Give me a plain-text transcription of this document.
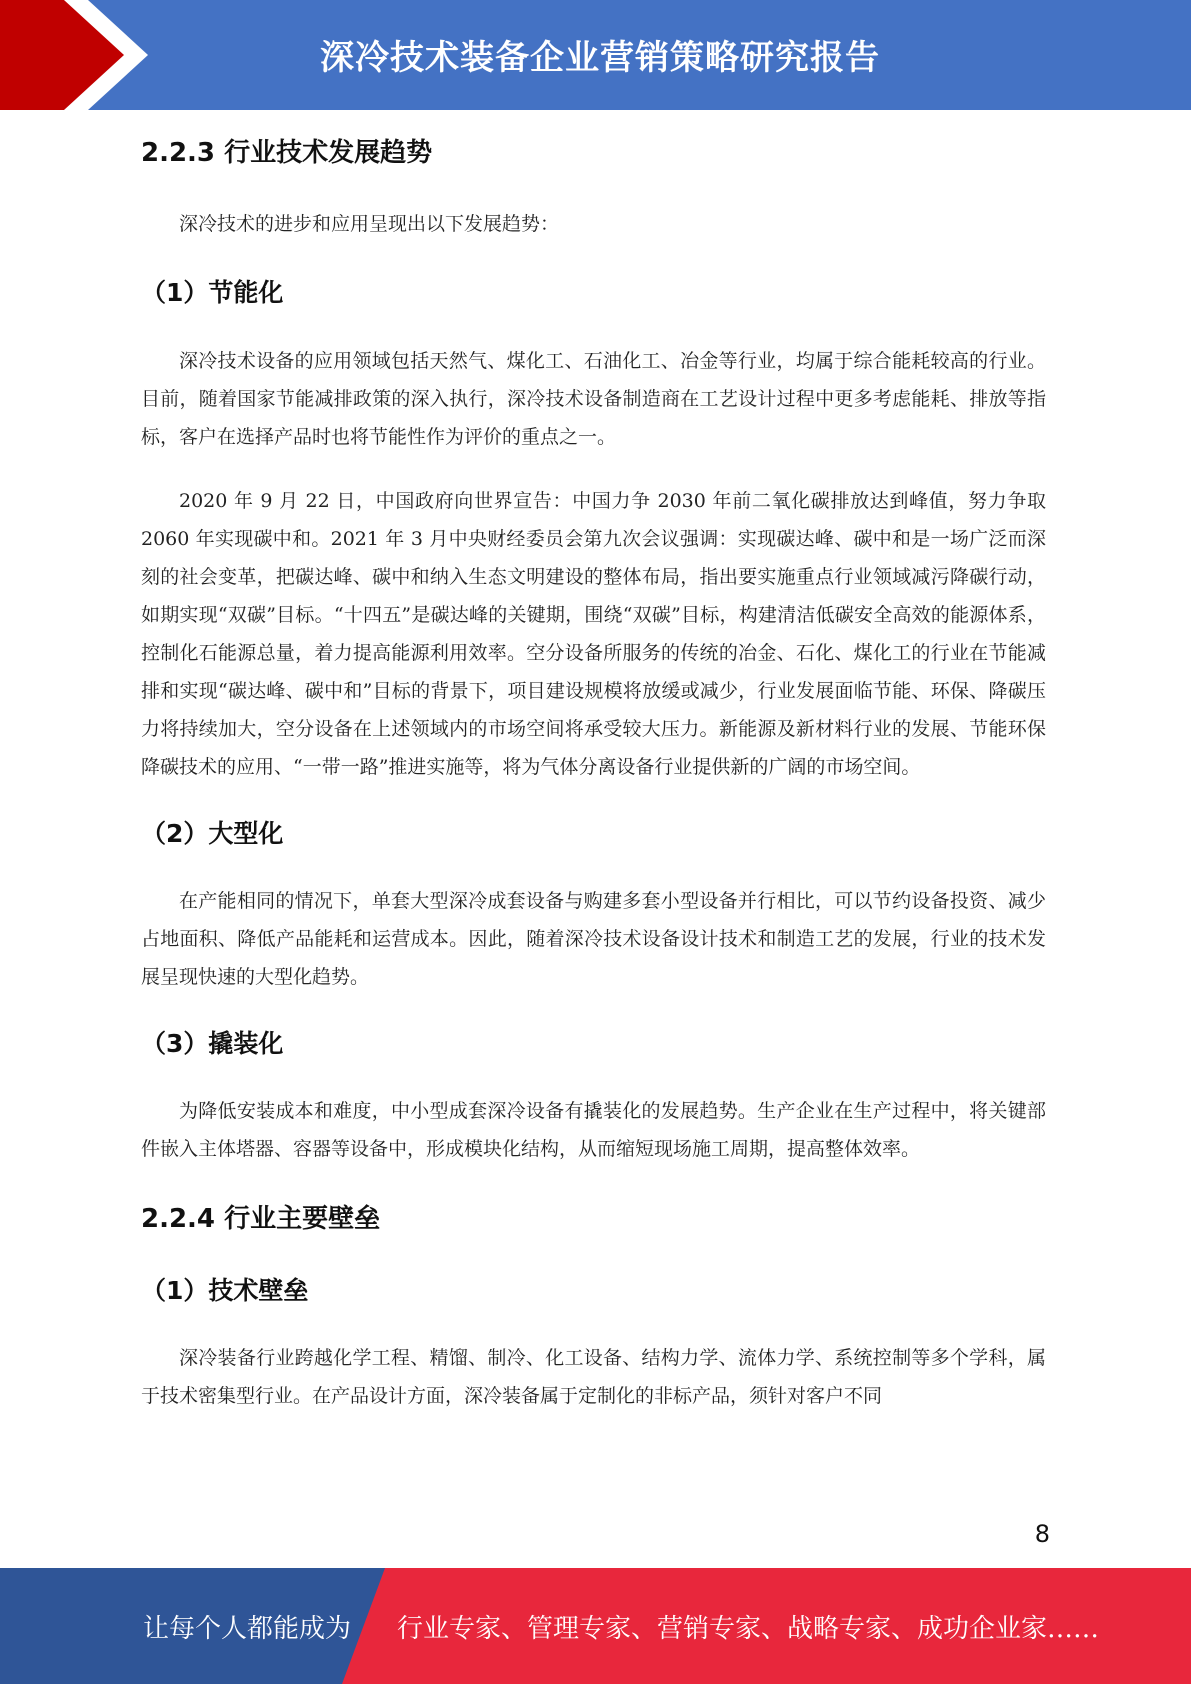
深冷技术装备企业营销策略研究报告
2.2.3 行业技术发展趋势

深冷技术的进步和应用呈现出以下发展趋势：

（1）节能化

深冷技术设备的应用领域包括天然气、煤化工、石油化工、冶金等行业，均属于综合能耗较高的行业。目前，随着国家节能减排政策的深入执行，深冷技术设备制造商在工艺设计过程中更多考虑能耗、排放等指标，客户在选择产品时也将节能性作为评价的重点之一。

2020 年 9 月 22 日，中国政府向世界宣告：中国力争 2030 年前二氧化碳排放达到峰值，努力争取 2060 年实现碳中和。2021 年 3 月中央财经委员会第九次会议强调：实现碳达峰、碳中和是一场广泛而深刻的社会变革，把碳达峰、碳中和纳入生态文明建设的整体布局，指出要实施重点行业领域减污降碳行动，如期实现“双碳”目标。“十四五”是碳达峰的关键期，围绕“双碳”目标，构建清洁低碳安全高效的能源体系，控制化石能源总量，着力提高能源利用效率。空分设备所服务的传统的冶金、石化、煤化工的行业在节能减排和实现“碳达峰、碳中和”目标的背景下，项目建设规模将放缓或减少，行业发展面临节能、环保、降碳压力将持续加大，空分设备在上述领域内的市场空间将承受较大压力。新能源及新材料行业的发展、节能环保降碳技术的应用、“一带一路”推进实施等，将为气体分离设备行业提供新的广阔的市场空间。

（2）大型化

在产能相同的情况下，单套大型深冷成套设备与购建多套小型设备并行相比，可以节约设备投资、减少占地面积、降低产品能耗和运营成本。因此，随着深冷技术设备设计技术和制造工艺的发展，行业的技术发展呈现快速的大型化趋势。

（3）撬装化

为降低安装成本和难度，中小型成套深冷设备有撬装化的发展趋势。生产企业在生产过程中，将关键部件嵌入主体塔器、容器等设备中，形成模块化结构，从而缩短现场施工周期，提高整体效率。

2.2.4 行业主要壁垒
（1）技术壁垒

深冷装备行业跨越化学工程、精馏、制冷、化工设备、结构力学、流体力学、系统控制等多个学科，属于技术密集型行业。在产品设计方面，深冷装备属于定制化的非标产品，须针对客户不同

8
让每个人都能成为 行业专家、管理专家、营销专家、战略专家、成功企业家……
